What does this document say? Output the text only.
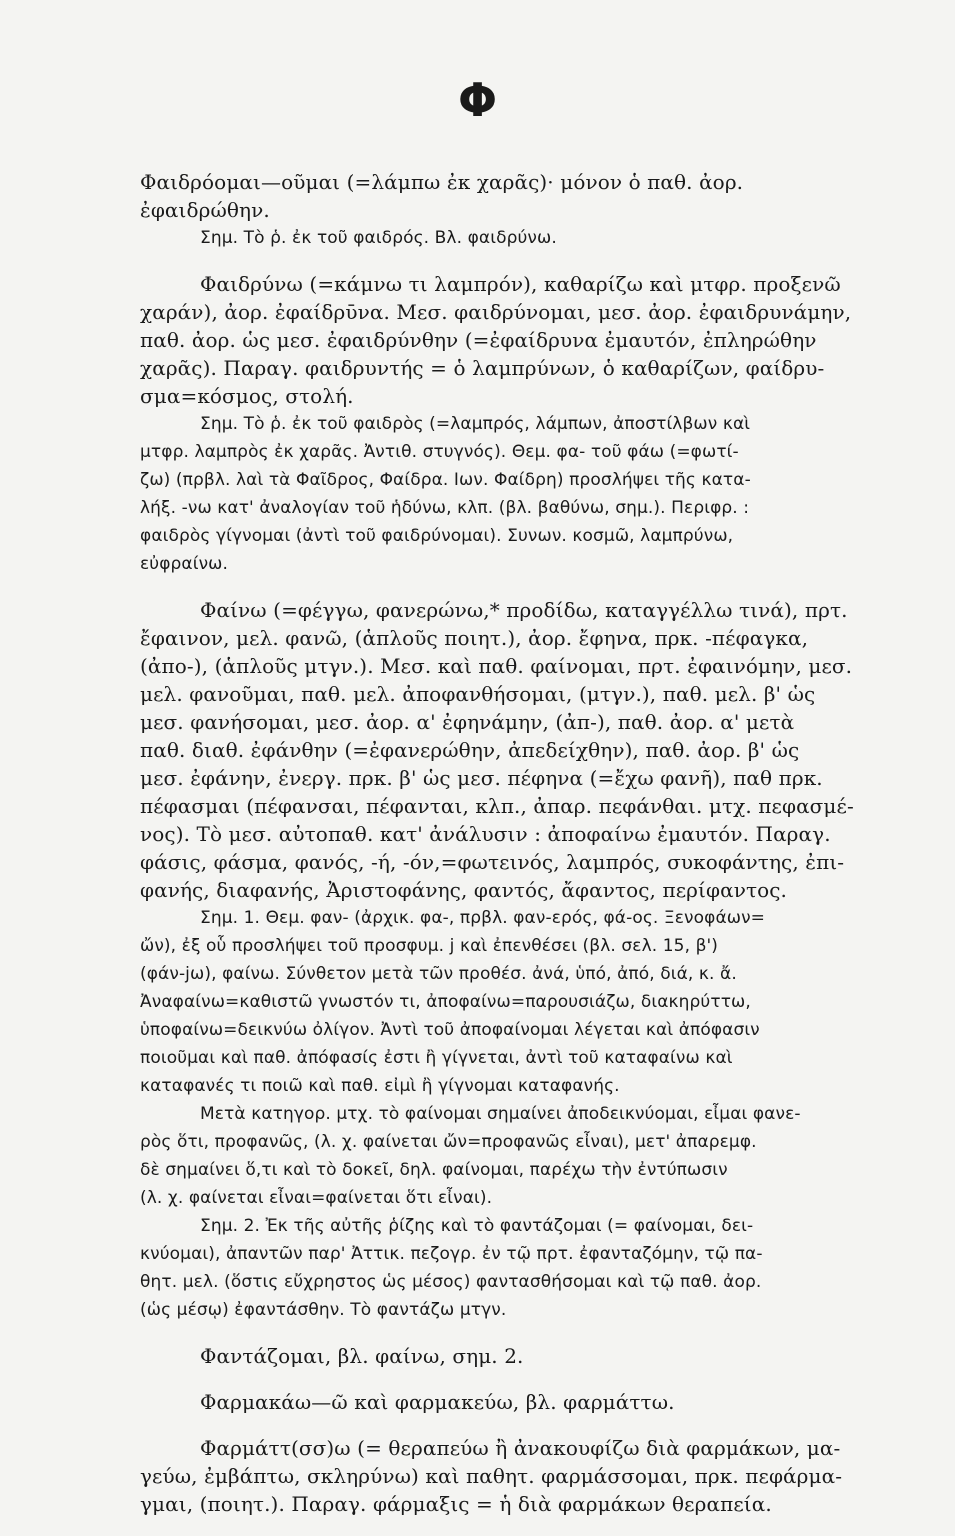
Φ
Φαιδρόομαι—οῦμαι (=λάμπω ἐκ χαρᾶς)· μόνον ὁ παθ. ἀορ.
ἐφαιδρώθην.
Σημ. Τὸ ῥ. ἐκ τοῦ φαιδρός. Βλ. φαιδρύνω.
Φαιδρύνω (=κάμνω τι λαμπρόν), καθαρίζω καὶ μτφρ. προξενῶ
χαράν), ἀορ. ἐφαίδρῡνα. Μεσ. φαιδρύνομαι, μεσ. ἀορ. ἐφαιδρυνάμην,
παθ. ἀορ. ὡς μεσ. ἐφαιδρύνθην (=ἐφαίδρυνα ἐμαυτόν, ἐπληρώθην
χαρᾶς). Παραγ. φαιδρυντής = ὁ λαμπρύνων, ὁ καθαρίζων, φαίδρυ-
σμα=κόσμος, στολή.
Σημ. Τὸ ῥ. ἐκ τοῦ φαιδρὸς (=λαμπρός, λάμπων, ἀποστίλβων καὶ
μτφρ. λαμπρὸς ἐκ χαρᾶς. Ἀντιθ. στυγνός). Θεμ. φα- τοῦ φάω (=φωτί-
ζω) (πρβλ. λαὶ τὰ Φαῖδρος, Φαίδρα. Ιων. Φαίδρη) προσλήψει τῆς κατα-
λήξ. -νω κατ' ἀναλογίαν τοῦ ἡδύνω, κλπ. (βλ. βαθύνω, σημ.). Περιφρ. :
φαιδρὸς γίγνομαι (ἀντὶ τοῦ φαιδρύνομαι). Συνων. κοσμῶ, λαμπρύνω,
εὐφραίνω.
Φαίνω (=φέγγω, φανερώνω,* προδίδω, καταγγέλλω τινά), πρτ.
ἔφαινον, μελ. φανῶ, (ἁπλοῦς ποιητ.), ἀορ. ἔφηνα, πρκ. -πέφαγκα,
(ἀπο-), (ἁπλοῦς μτγν.). Μεσ. καὶ παθ. φαίνομαι, πρτ. ἐφαινόμην, μεσ.
μελ. φανοῦμαι, παθ. μελ. ἀποφανθήσομαι, (μτγν.), παθ. μελ. β' ὡς
μεσ. φανήσομαι, μεσ. ἀορ. α' ἐφηνάμην, (ἀπ-), παθ. ἀορ. α' μετὰ
παθ. διαθ. ἐφάνθην (=ἐφανερώθην, ἀπεδείχθην), παθ. ἀορ. β' ὡς
μεσ. ἐφάνην, ἐνεργ. πρκ. β' ὡς μεσ. πέφηνα (=ἔχω φανῆ), παθ πρκ.
πέφασμαι (πέφανσαι, πέφανται, κλπ., ἀπαρ. πεφάνθαι. μτχ. πεφασμέ-
νος). Τὸ μεσ. αὐτοπαθ. κατ' ἀνάλυσιν : ἀποφαίνω ἐμαυτόν. Παραγ.
φάσις, φάσμα, φανός, -ή, -όν,=φωτεινός, λαμπρός, συκοφάντης, ἐπι-
φανής, διαφανής, Ἀριστοφάνης, φαντός, ἄφαντος, περίφαντος.
Σημ. 1. Θεμ. φαν- (ἀρχικ. φα-, πρβλ. φαν-ερός, φά-ος. Ξενοφάων=
ὤν), ἐξ οὗ προσλήψει τοῦ προσφυμ. j καὶ ἐπενθέσει (βλ. σελ. 15, β')
(φάν-jω), φαίνω. Σύνθετον μετὰ τῶν προθέσ. ἀνά, ὑπό, ἀπό, διά, κ. ἄ.
Ἀναφαίνω=καθιστῶ γνωστόν τι, ἀποφαίνω=παρουσιάζω, διακηρύττω,
ὑποφαίνω=δεικνύω ὀλίγον. Ἀντὶ τοῦ ἀποφαίνομαι λέγεται καὶ ἀπόφασιν
ποιοῦμαι καὶ παθ. ἀπόφασίς ἐστι ἢ γίγνεται, ἀντὶ τοῦ καταφαίνω καὶ
καταφανές τι ποιῶ καὶ παθ. εἰμὶ ἢ γίγνομαι καταφανής.
Μετὰ κατηγορ. μτχ. τὸ φαίνομαι σημαίνει ἀποδεικνύομαι, εἶμαι φανε-
ρὸς ὅτι, προφανῶς, (λ. χ. φαίνεται ὤν=προφανῶς εἶναι), μετ' ἀπαρεμφ.
δὲ σημαίνει ὅ,τι καὶ τὸ δοκεῖ, δηλ. φαίνομαι, παρέχω τὴν ἐντύπωσιν
(λ. χ. φαίνεται εἶναι=φαίνεται ὅτι εἶναι).
Σημ. 2. Ἐκ τῆς αὐτῆς ῥίζης καὶ τὸ φαντάζομαι (= φαίνομαι, δει-
κνύομαι), ἀπαντῶν παρ' Ἀττικ. πεζογρ. ἐν τῷ πρτ. ἐφανταζόμην, τῷ πα-
θητ. μελ. (ὅστις εὔχρηστος ὡς μέσος) φαντασθήσομαι καὶ τῷ παθ. ἀορ.
(ὡς μέσῳ) ἐφαντάσθην. Τὸ φαντάζω μτγν.
Φαντάζομαι, βλ. φαίνω, σημ. 2.
Φαρμακάω—ῶ καὶ φαρμακεύω, βλ. φαρμάττω.
Φαρμάττ(σσ)ω (= θεραπεύω ἢ ἀνακουφίζω διὰ φαρμάκων, μα-
γεύω, ἐμβάπτω, σκληρύνω) καὶ παθητ. φαρμάσσομαι, πρκ. πεφάρμα-
γμαι, (ποιητ.). Παραγ. φάρμαξις = ἡ διὰ φαρμάκων θεραπεία.
